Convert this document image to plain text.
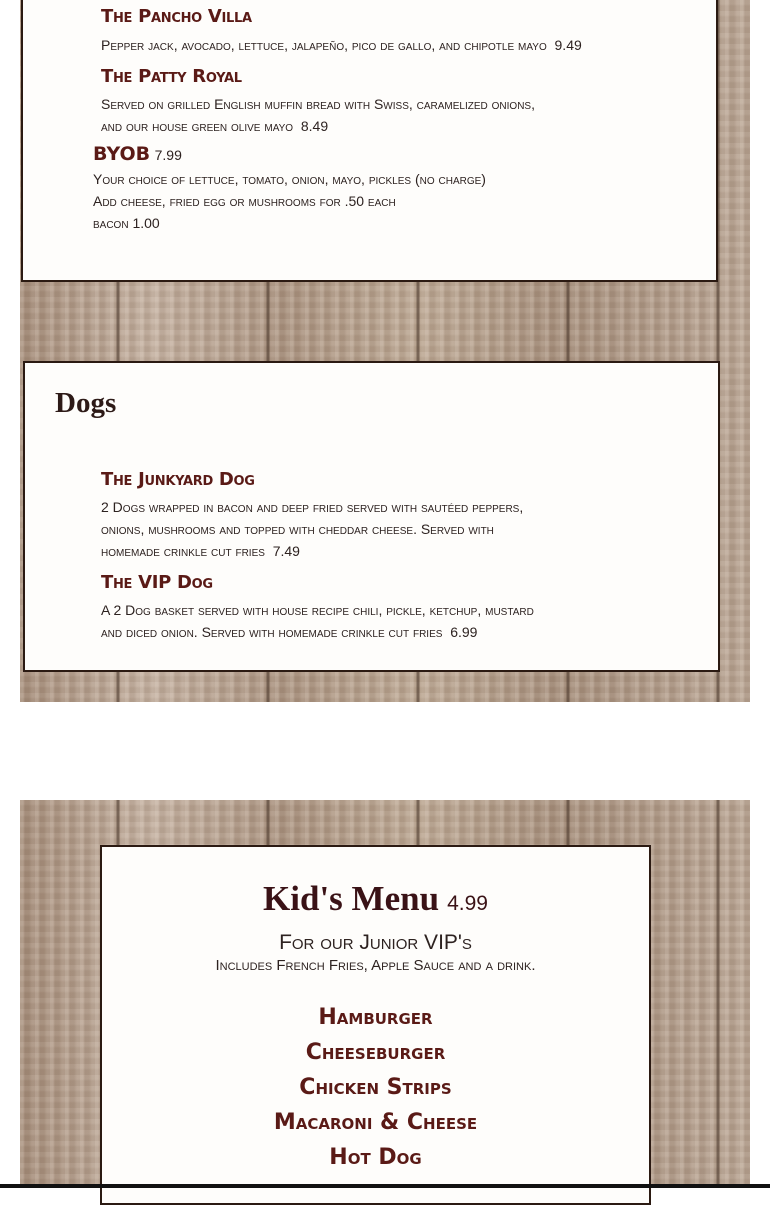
The Pancho Villa

Pepper jack, avocado, lettuce, jalapeño, pico de gallo, and chipotle mayo 9.49

The Patty Royal

Served on grilled English muffin bread with Swiss, caramelized onions,
and our house green olive mayo 8.49

BYOB 7.99

Your choice of lettuce, tomato, onion, mayo, pickles (no charge)
Add cheese, fried egg or mushrooms for .50 each
bacon 1.00

Dogs
The Junkyard Dog

2 Dogs wrapped in bacon and deep fried served with sautéed peppers,
onions, mushrooms and topped with cheddar cheese. Served with
homemade crinkle cut fries 7.49

The VIP Dog

A 2 Dog basket served with house recipe chili, pickle, ketchup, mustard
and diced onion. Served with homemade crinkle cut fries 6.99

Kid's Menu 4.99

For our Junior VIP's

Includes French Fries, Apple Sauce and a drink.

Hamburger

Cheeseburger

Chicken Strips

Macaroni & Cheese

Hot Dog
